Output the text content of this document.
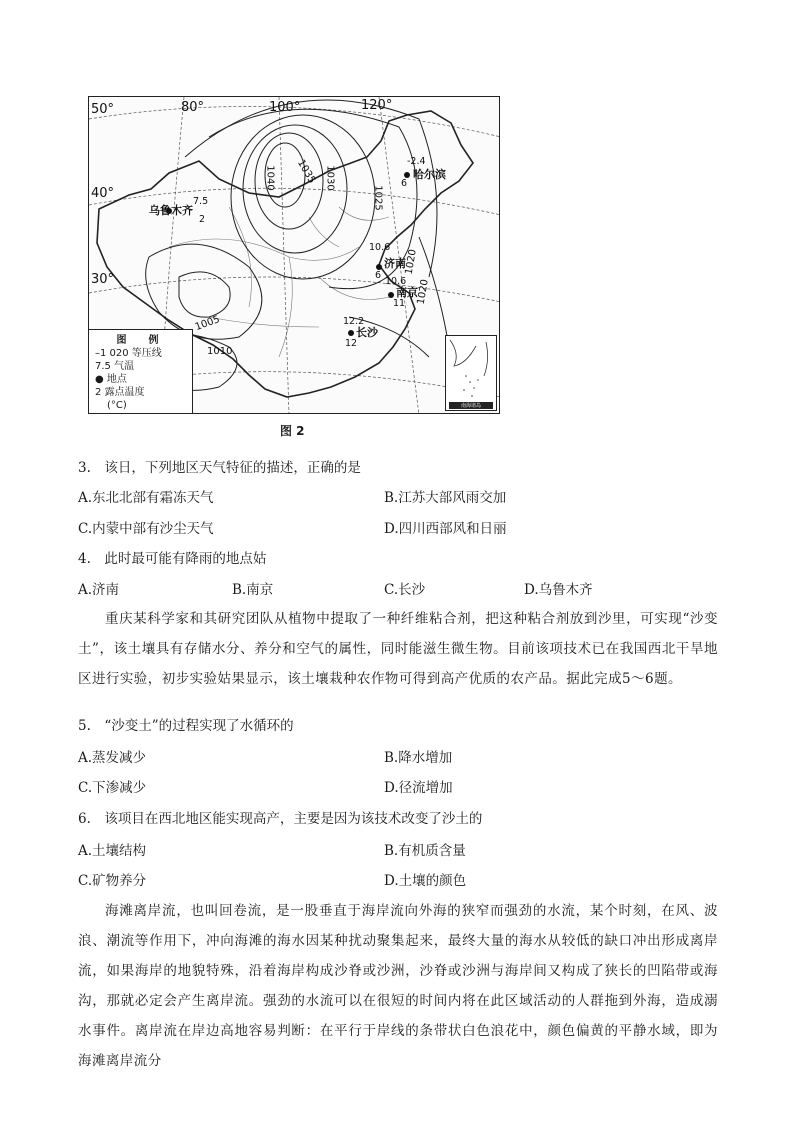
50°	80°	100°	120°
40°
30°
1040 1035 1030
1025
1020
1020
1005
1010
-2.4
6
哈尔滨
7.5
2
乌鲁木齐
10.6
6
济南
10.6
11
南京
12.2
12
长沙
图　例
–1 020 等压线
7.5 气温
● 地点
2 露点温度
(°C)	南海诸岛
图 2
3.　该日，下列地区天气特征的描述，正确的是
A.东北北部有霜冻天气	B.江苏大部风雨交加
C.内蒙中部有沙尘天气	D.四川西部风和日丽
4.　此时最可能有降雨的地点姑
A.济南	B.南京	C.长沙	D.乌鲁木齐
重庆某科学家和其研究团队从植物中提取了一种纤维粘合剂，把这种粘合剂放到沙里，可实现“沙变土”，该土壤具有存储水分、养分和空气的属性，同时能滋生微生物。目前该项技术已在我国西北干旱地区进行实验，初步实验姑果显示，该土壤栽种农作物可得到高产优质的农产品。据此完成5～6题。
5.　“沙变土”的过程实现了水循环的
A.蒸发减少	B.降水增加
C.下渗减少	D.径流增加
6.　该项目在西北地区能实现高产，主要是因为该技术改变了沙土的
A.土壤结构	B.有机质含量
C.矿物养分	D.土壤的颜色
海滩离岸流，也叫回卷流，是一股垂直于海岸流向外海的狭窄而强劲的水流，某个时刻，在风、波浪、潮流等作用下，冲向海滩的海水因某种扰动聚集起来，最终大量的海水从较低的缺口冲出形成离岸流，如果海岸的地貌特殊，沿着海岸构成沙脊或沙洲，沙脊或沙洲与海岸间又构成了狭长的凹陷带或海沟，那就必定会产生离岸流。强劲的水流可以在很短的时间内将在此区域活动的人群拖到外海，造成溺水事件。离岸流在岸边高地容易判断：在平行于岸线的条带状白色浪花中，颜色偏黄的平静水域，即为海滩离岸流分
